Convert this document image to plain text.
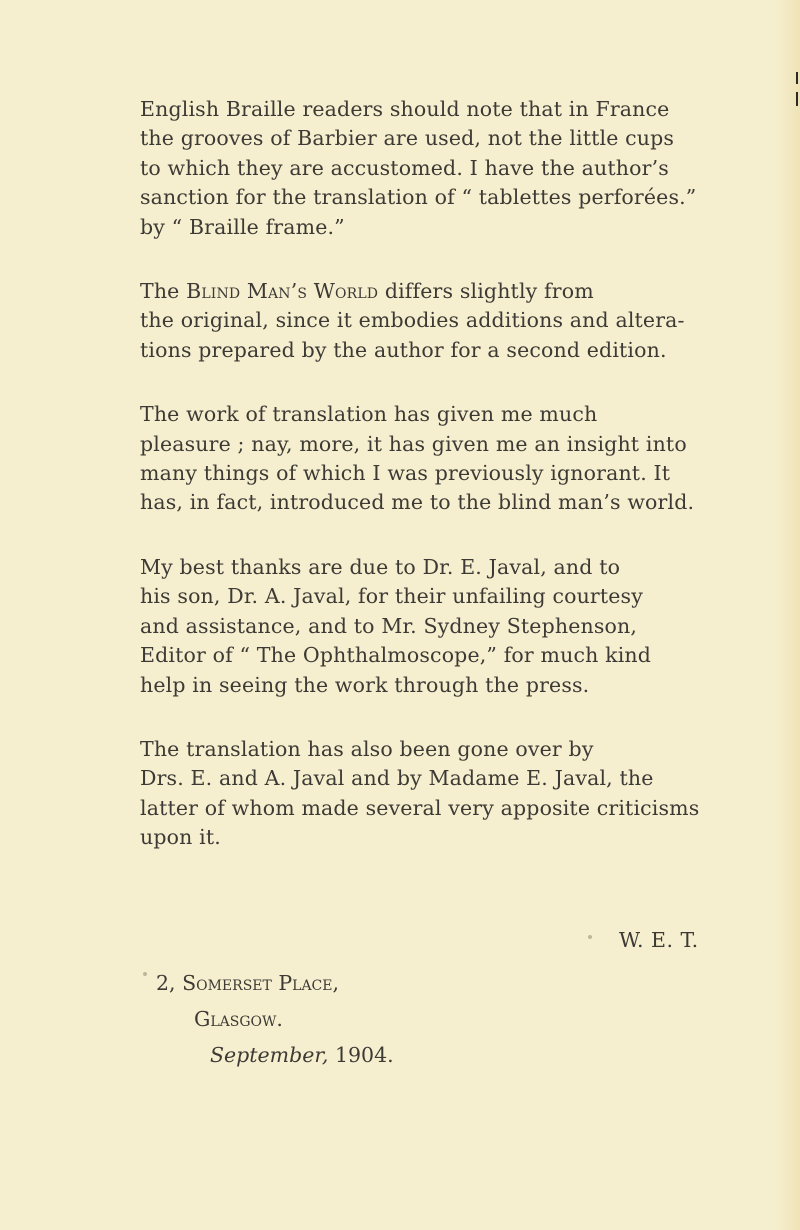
English Braille readers should note that in France
the grooves of Barbier are used, not the little cups
to which they are accustomed. I have the author’s
sanction for the translation of “ tablettes perforées.”
by “ Braille frame.”

The Blind Man’s World differs slightly from
the original, since it embodies additions and altera-
tions prepared by the author for a second edition.

The work of translation has given me much
pleasure ; nay, more, it has given me an insight into
many things of which I was previously ignorant. It
has, in fact, introduced me to the blind man’s world.

My best thanks are due to Dr. E. Javal, and to
his son, Dr. A. Javal, for their unfailing courtesy
and assistance, and to Mr. Sydney Stephenson,
Editor of “ The Ophthalmoscope,” for much kind
help in seeing the work through the press.

The translation has also been gone over by
Drs. E. and A. Javal and by Madame E. Javal, the
latter of whom made several very apposite criticisms
upon it.

W. E. T.
2, Somerset Place,
Glasgow.
September, 1904.
